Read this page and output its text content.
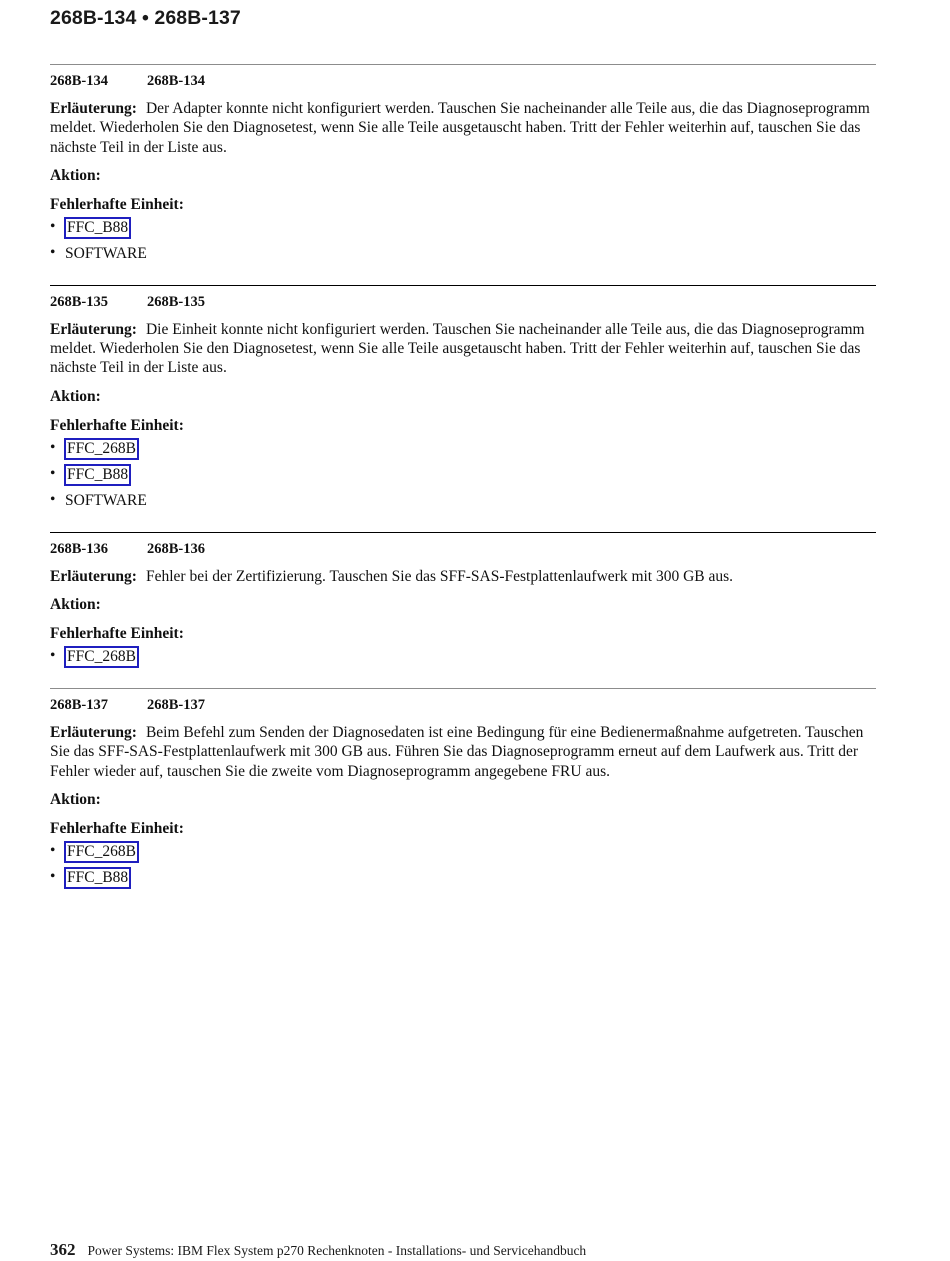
268B-134 • 268B-137
268B-134	268B-134

Erläuterung: Der Adapter konnte nicht konfiguriert werden. Tauschen Sie nacheinander alle Teile aus, die das Diagnoseprogramm meldet. Wiederholen Sie den Diagnosetest, wenn Sie alle Teile ausgetauscht haben. Tritt der Fehler weiterhin auf, tauschen Sie das nächste Teil in der Liste aus.

Aktion:

Fehlerhafte Einheit:

• FFC_B88
• SOFTWARE
268B-135	268B-135

Erläuterung: Die Einheit konnte nicht konfiguriert werden. Tauschen Sie nacheinander alle Teile aus, die das Diagnoseprogramm meldet. Wiederholen Sie den Diagnosetest, wenn Sie alle Teile ausgetauscht haben. Tritt der Fehler weiterhin auf, tauschen Sie das nächste Teil in der Liste aus.

Aktion:

Fehlerhafte Einheit:

• FFC_268B
• FFC_B88
• SOFTWARE
268B-136	268B-136

Erläuterung: Fehler bei der Zertifizierung. Tauschen Sie das SFF-SAS-Festplattenlaufwerk mit 300 GB aus.

Aktion:

Fehlerhafte Einheit:

• FFC_268B
268B-137	268B-137

Erläuterung: Beim Befehl zum Senden der Diagnosedaten ist eine Bedingung für eine Bedienermaßnahme aufgetreten. Tauschen Sie das SFF-SAS-Festplattenlaufwerk mit 300 GB aus. Führen Sie das Diagnoseprogramm erneut auf dem Laufwerk aus. Tritt der Fehler wieder auf, tauschen Sie die zweite vom Diagnoseprogramm angegebene FRU aus.

Aktion:

Fehlerhafte Einheit:

• FFC_268B
• FFC_B88
362 Power Systems: IBM Flex System p270 Rechenknoten - Installations- und Servicehandbuch
